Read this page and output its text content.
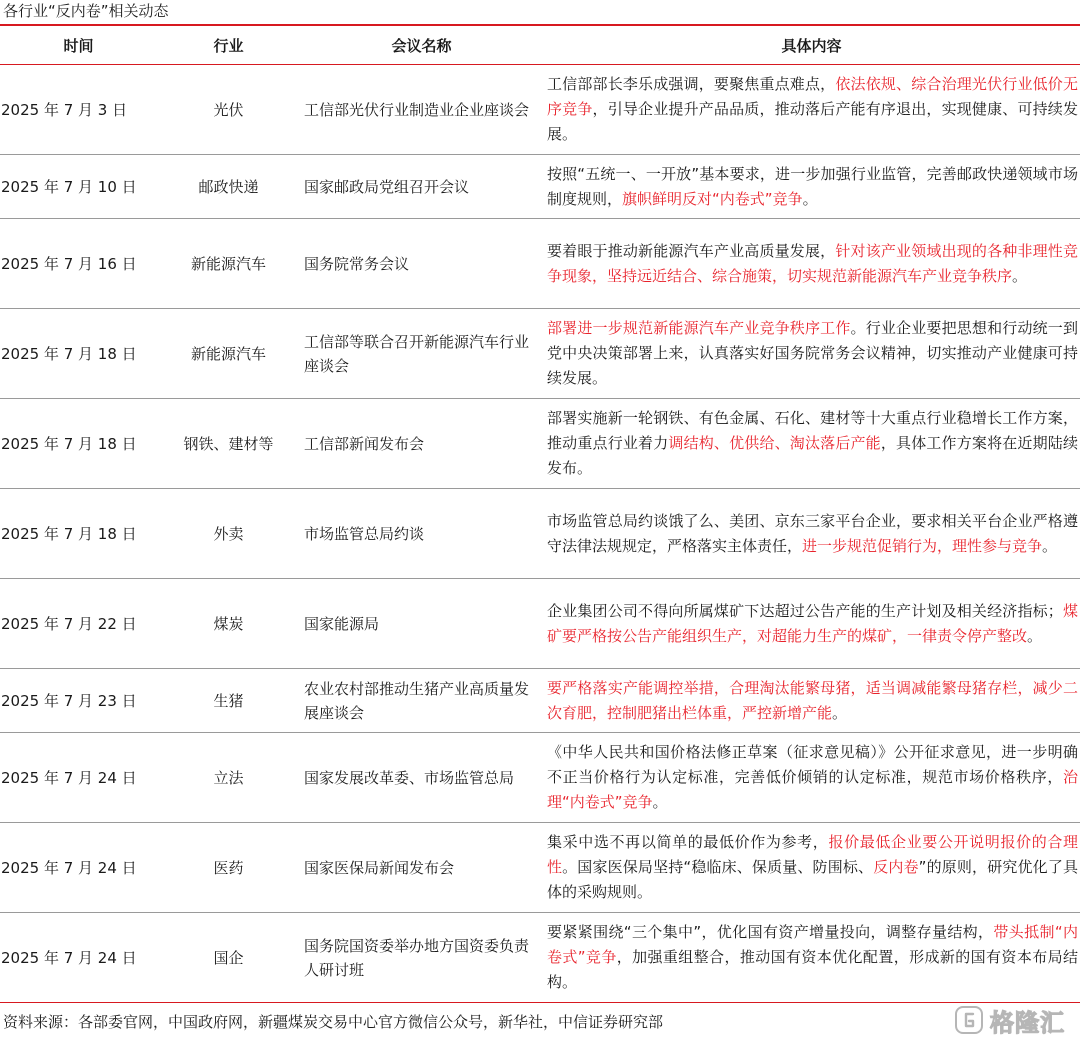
各行业“反内卷”相关动态
时间	行业	会议名称	具体内容
2025 年 7 月 3 日	光伏	工信部光伏行业制造业企业座谈会	工信部部长李乐成强调，要聚焦重点难点，依法依规、综合治理光伏行业低价无序竞争，引导企业提升产品品质，推动落后产能有序退出，实现健康、可持续发展。
2025 年 7 月 10 日	邮政快递	国家邮政局党组召开会议	按照“五统一、一开放”基本要求，进一步加强行业监管，完善邮政快递领域市场制度规则，旗帜鲜明反对“内卷式”竞争。
2025 年 7 月 16 日	新能源汽车	国务院常务会议	要着眼于推动新能源汽车产业高质量发展，针对该产业领域出现的各种非理性竞争现象，坚持远近结合、综合施策，切实规范新能源汽车产业竞争秩序。
2025 年 7 月 18 日	新能源汽车	工信部等联合召开新能源汽车行业座谈会	部署进一步规范新能源汽车产业竞争秩序工作。行业企业要把思想和行动统一到党中央决策部署上来，认真落实好国务院常务会议精神，切实推动产业健康可持续发展。
2025 年 7 月 18 日	钢铁、建材等	工信部新闻发布会	部署实施新一轮钢铁、有色金属、石化、建材等十大重点行业稳增长工作方案，推动重点行业着力调结构、优供给、淘汰落后产能，具体工作方案将在近期陆续发布。
2025 年 7 月 18 日	外卖	市场监管总局约谈	市场监管总局约谈饿了么、美团、京东三家平台企业，要求相关平台企业严格遵守法律法规规定，严格落实主体责任，进一步规范促销行为，理性参与竞争。
2025 年 7 月 22 日	煤炭	国家能源局	企业集团公司不得向所属煤矿下达超过公告产能的生产计划及相关经济指标；煤矿要严格按公告产能组织生产，对超能力生产的煤矿，一律责令停产整改。
2025 年 7 月 23 日	生猪	农业农村部推动生猪产业高质量发展座谈会	要严格落实产能调控举措，合理淘汰能繁母猪，适当调减能繁母猪存栏，减少二次育肥，控制肥猪出栏体重，严控新增产能。
2025 年 7 月 24 日	立法	国家发展改革委、市场监管总局	《中华人民共和国价格法修正草案（征求意见稿）》公开征求意见，进一步明确不正当价格行为认定标准，完善低价倾销的认定标准，规范市场价格秩序，治理“内卷式”竞争。
2025 年 7 月 24 日	医药	国家医保局新闻发布会	集采中选不再以简单的最低价作为参考，报价最低企业要公开说明报价的合理性。国家医保局坚持“稳临床、保质量、防围标、反内卷”的原则，研究优化了具体的采购规则。
2025 年 7 月 24 日	国企	国务院国资委举办地方国资委负责人研讨班	要紧紧围绕“三个集中”，优化国有资产增量投向，调整存量结构，带头抵制“内卷式”竞争，加强重组整合，推动国有资本优化配置，形成新的国有资本布局结构。
资料来源：各部委官网，中国政府网，新疆煤炭交易中心官方微信公众号，新华社，中信证券研究部	格隆汇
